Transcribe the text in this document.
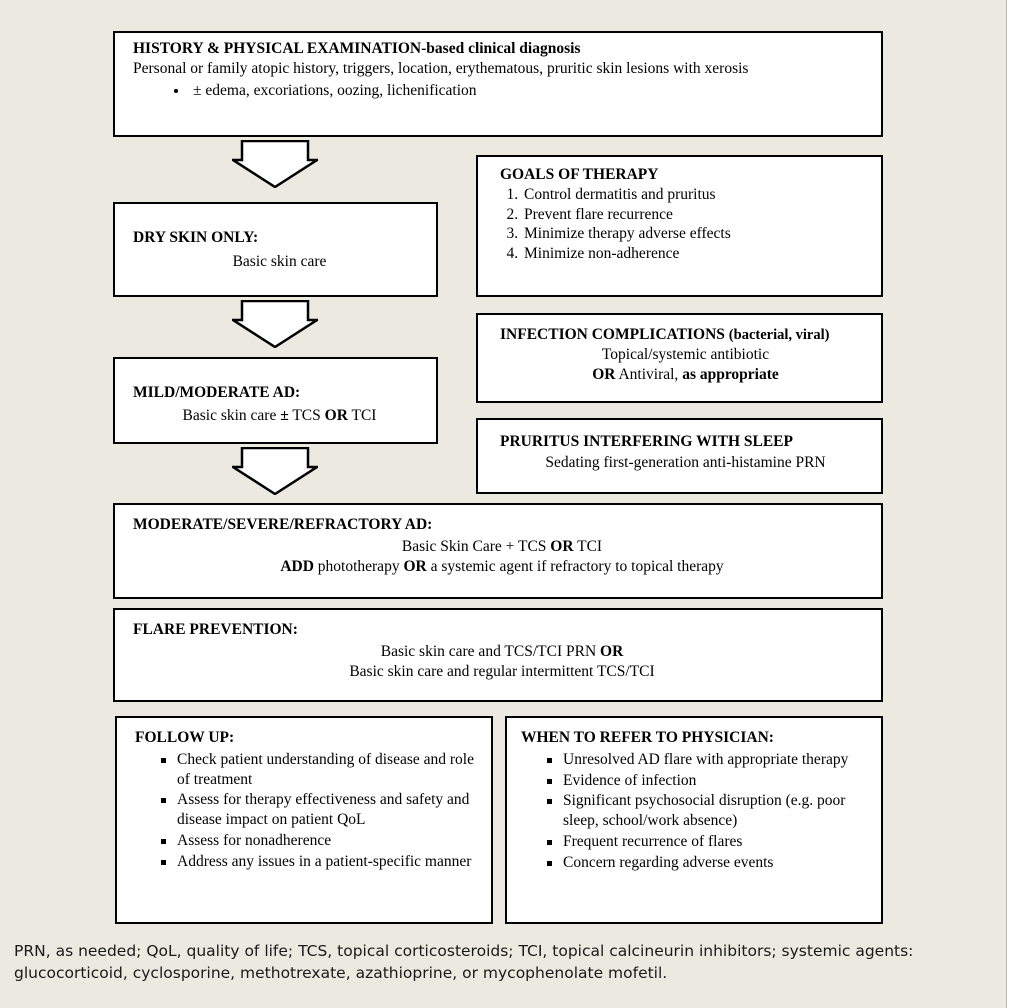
HISTORY & PHYSICAL EXAMINATION-based clinical diagnosis
Personal or family atopic history, triggers, location, erythematous, pruritic skin lesions with xerosis
• ± edema, excoriations, oozing, lichenification
DRY SKIN ONLY:
Basic skin care
MILD/MODERATE AD:
Basic skin care ± TCS OR TCI
GOALS OF THERAPY
1. Control dermatitis and pruritus
2. Prevent flare recurrence
3. Minimize therapy adverse effects
4. Minimize non-adherence
INFECTION COMPLICATIONS (bacterial, viral)
Topical/systemic antibiotic
OR Antiviral, as appropriate
PRURITUS INTERFERING WITH SLEEP
Sedating first-generation anti-histamine PRN
MODERATE/SEVERE/REFRACTORY AD:
Basic Skin Care + TCS OR TCI
ADD phototherapy OR a systemic agent if refractory to topical therapy
FLARE PREVENTION:
Basic skin care and TCS/TCI PRN OR
Basic skin care and regular intermittent TCS/TCI
FOLLOW UP:
Check patient understanding of disease and role of treatment
Assess for therapy effectiveness and safety and disease impact on patient QoL
Assess for nonadherence
Address any issues in a patient-specific manner
WHEN TO REFER TO PHYSICIAN:
Unresolved AD flare with appropriate therapy
Evidence of infection
Significant psychosocial disruption (e.g. poor sleep, school/work absence)
Frequent recurrence of flares
Concern regarding adverse events
PRN, as needed; QoL, quality of life; TCS, topical corticosteroids; TCI, topical calcineurin inhibitors; systemic agents: glucocorticoid, cyclosporine, methotrexate, azathioprine, or mycophenolate mofetil.
